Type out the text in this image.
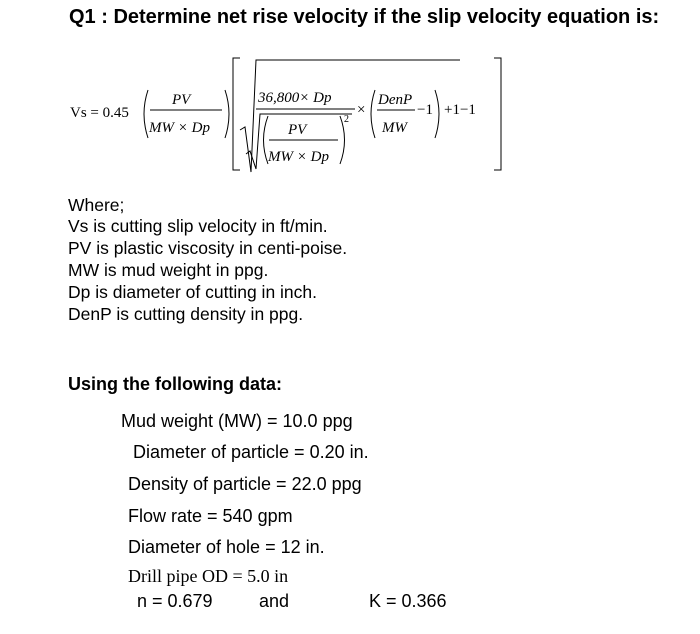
Q1 : Determine net rise velocity if the slip velocity equation is:
Vs = 0.45
PV
MW × Dp
36,800× Dp
PV
MW × Dp
2
×
DenP
MW
−1 +1−1
Where;
Vs is cutting slip velocity in ft/min.
PV is plastic viscosity in centi-poise.
MW is mud weight in ppg.
Dp is diameter of cutting in inch.
DenP is cutting density in ppg.
Using the following data:
Mud weight (MW) = 10.0 ppg
Diameter of particle = 0.20 in.
Density of particle = 22.0 ppg
Flow rate = 540 gpm
Diameter of hole = 12 in.
Drill pipe OD = 5.0 in
n = 0.679	and	K = 0.366
